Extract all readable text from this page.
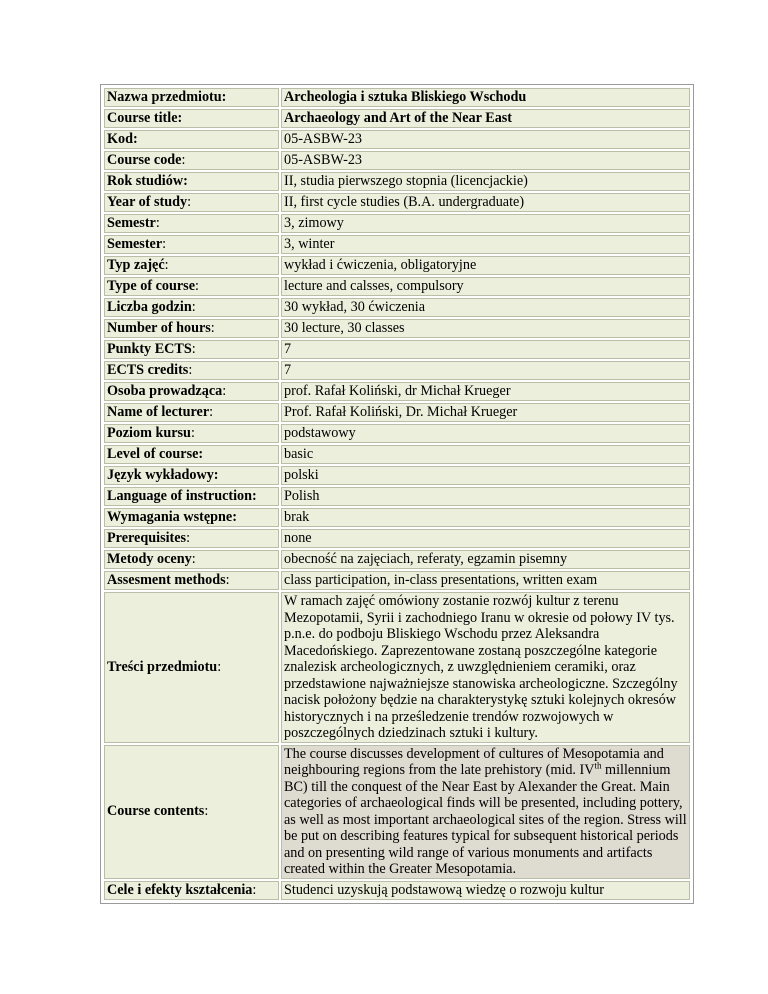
Nazwa przedmiotu:	Archeologia i sztuka Bliskiego Wschodu
Course title:	Archaeology and Art of the Near East
Kod:	05-ASBW-23
Course code:	05-ASBW-23
Rok studiów:	II, studia pierwszego stopnia (licencjackie)
Year of study:	II, first cycle studies (B.A. undergraduate)
Semestr:	3, zimowy
Semester:	3, winter
Typ zajęć:	wykład i ćwiczenia, obligatoryjne
Type of course:	lecture and calsses, compulsory
Liczba godzin:	30 wykład, 30 ćwiczenia
Number of hours:	30 lecture, 30 classes
Punkty ECTS:	7
ECTS credits:	7
Osoba prowadząca:	prof. Rafał Koliński, dr Michał Krueger
Name of lecturer:	Prof. Rafał Koliński, Dr. Michał Krueger
Poziom kursu:	podstawowy
Level of course:	basic
Język wykładowy:	polski
Language of instruction:	Polish
Wymagania wstępne:	brak
Prerequisites:	none
Metody oceny:	obecność na zajęciach, referaty, egzamin pisemny
Assesment methods:	class participation, in-class presentations, written exam
Treści przedmiotu:	W ramach zajęć omówiony zostanie rozwój kultur z terenu Mezopotamii, Syrii i zachodniego Iranu w okresie od połowy IV tys. p.n.e. do podboju Bliskiego Wschodu przez Aleksandra Macedońskiego. Zaprezentowane zostaną poszczególne kategorie znalezisk archeologicznych, z uwzględnieniem ceramiki, oraz przedstawione najważniejsze stanowiska archeologiczne. Szczególny nacisk położony będzie na charakterystykę sztuki kolejnych okresów historycznych i na prześledzenie trendów rozwojowych w poszczególnych dziedzinach sztuki i kultury.
Course contents:	The course discusses development of cultures of Mesopotamia and neighbouring regions from the late prehistory (mid. IVth millennium BC) till the conquest of the Near East by Alexander the Great. Main categories of archaeological finds will be presented, including pottery, as well as most important archaeological sites of the region. Stress will be put on describing features typical for subsequent historical periods and on presenting wild range of various monuments and artifacts created within the Greater Mesopotamia.
Cele i efekty kształcenia:	Studenci uzyskują podstawową wiedzę o rozwoju kultur
